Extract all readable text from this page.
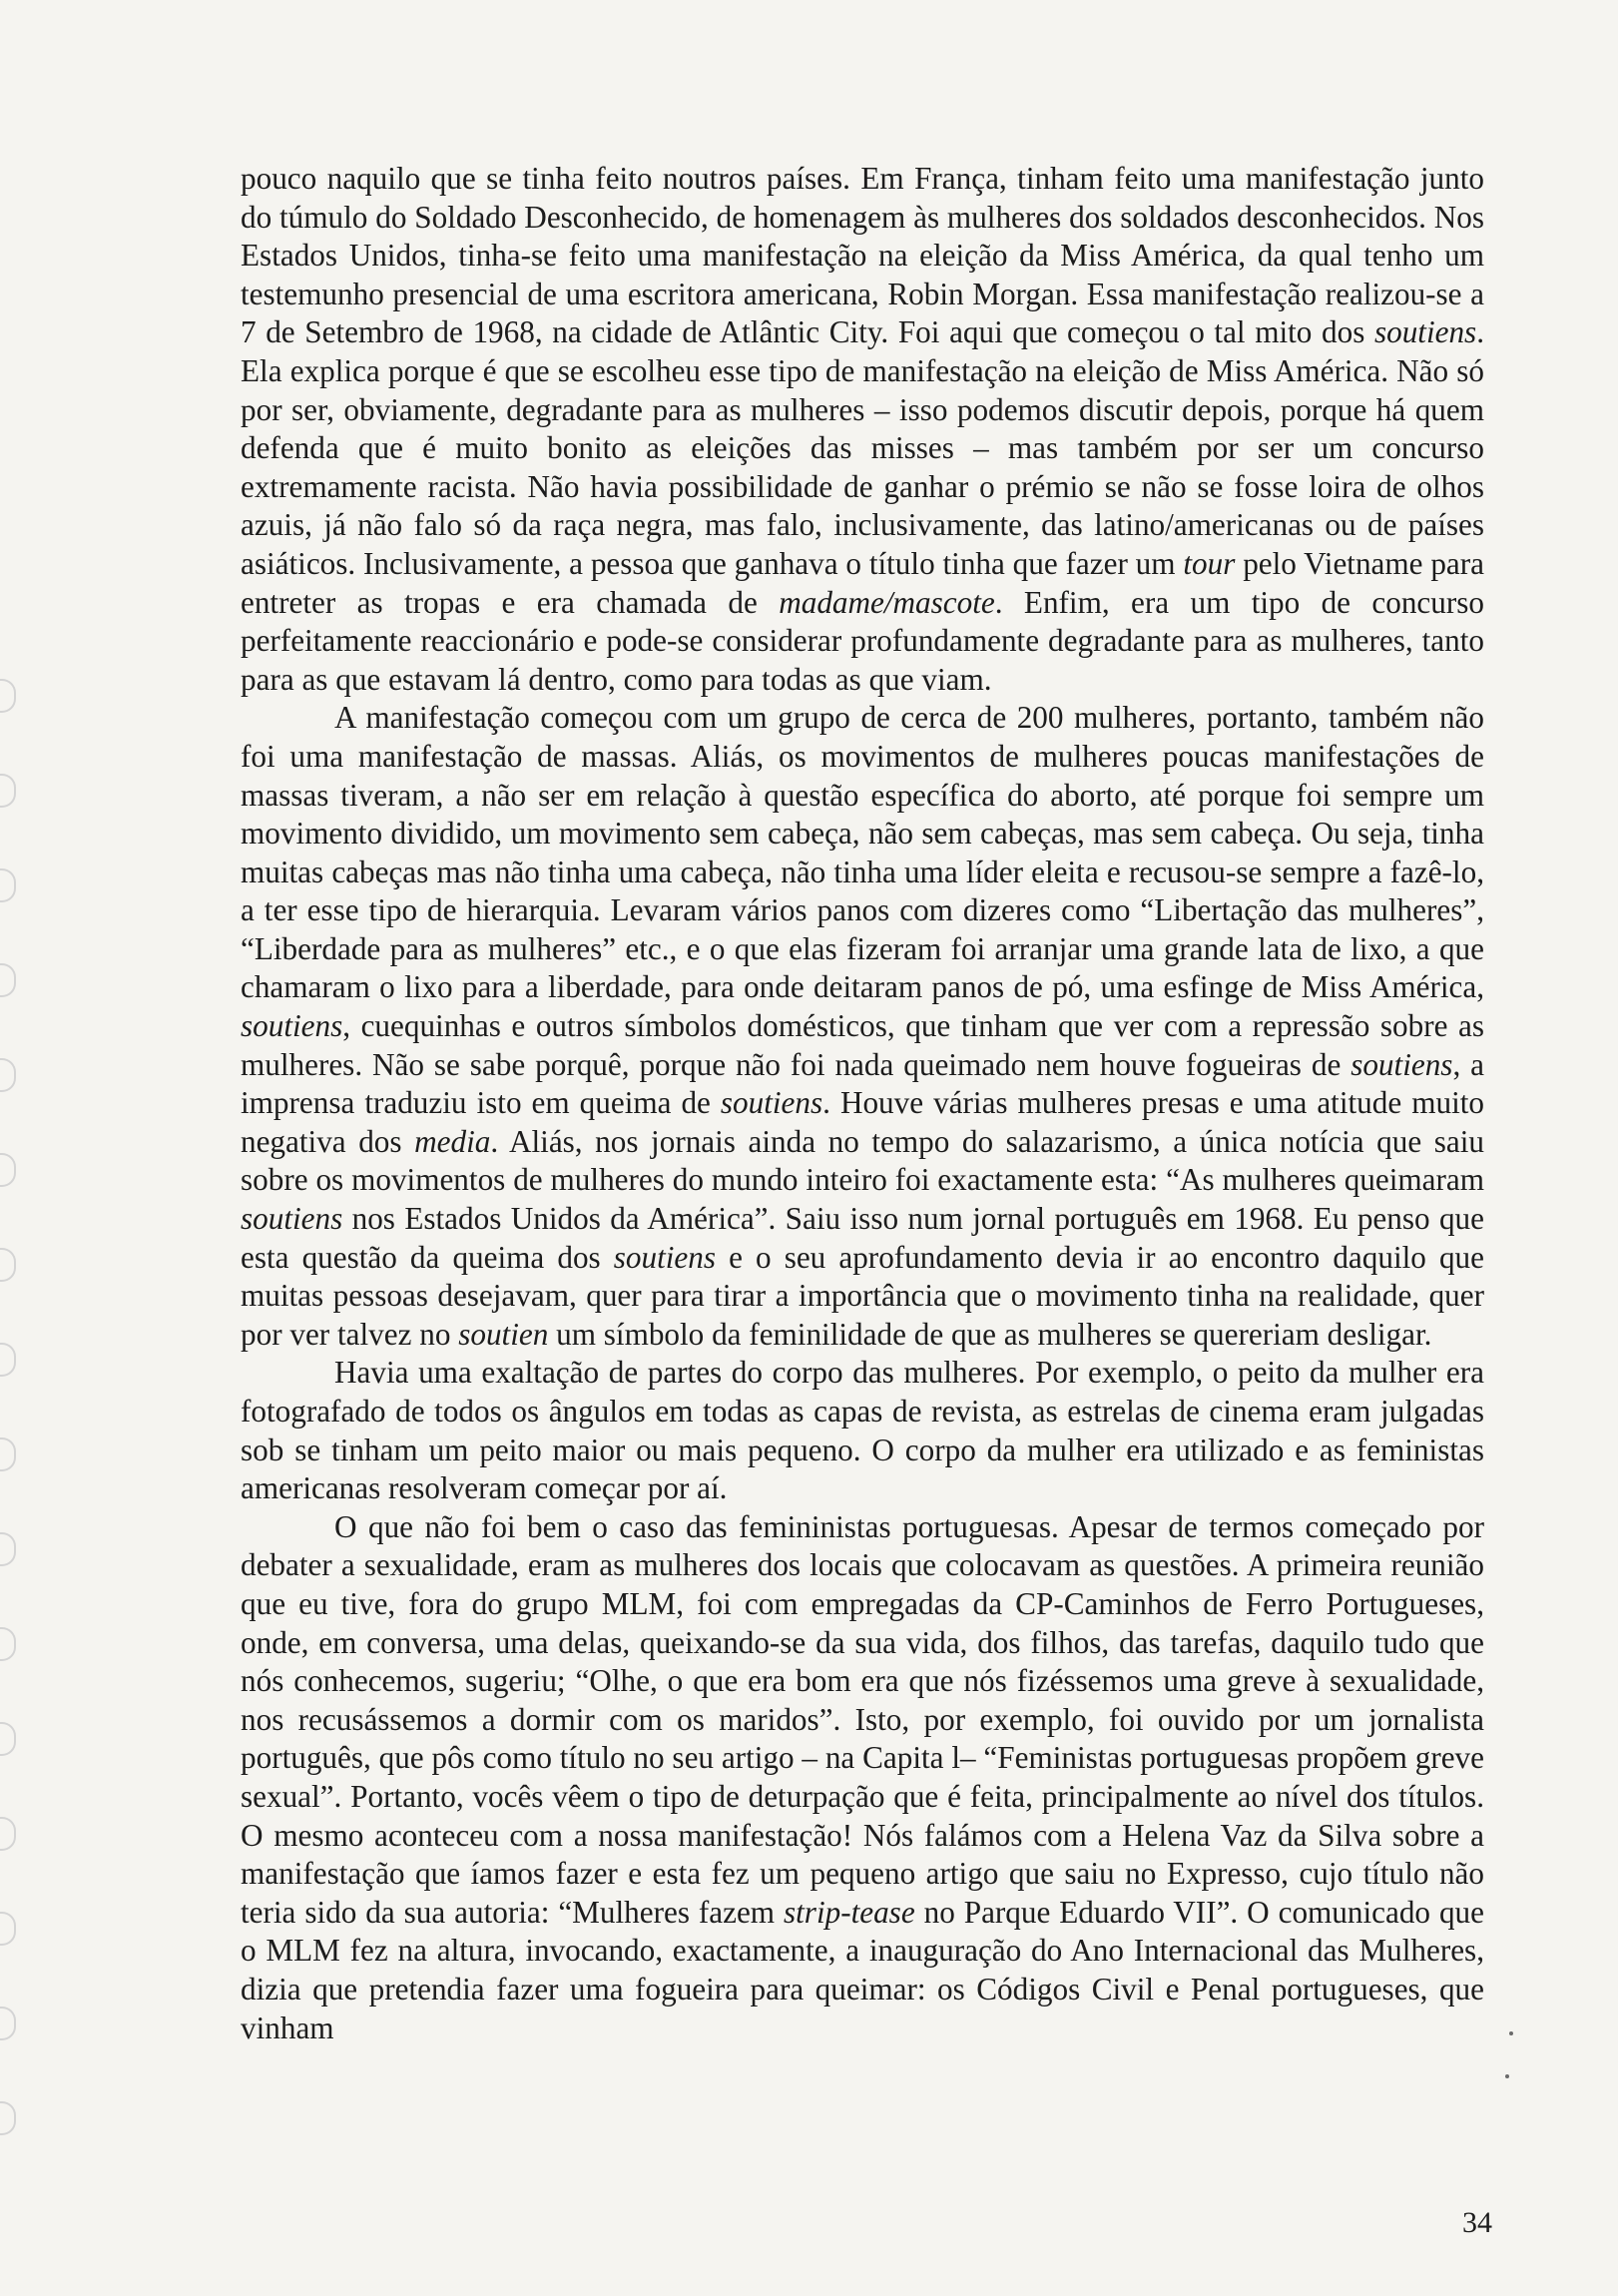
pouco naquilo que se tinha feito noutros países. Em França, tinham feito uma manifestação junto do túmulo do Soldado Desconhecido, de homenagem às mulheres dos soldados desconhecidos. Nos Estados Unidos, tinha-se feito uma manifestação na eleição da Miss América, da qual tenho um testemunho presencial de uma escritora americana, Robin Morgan. Essa manifestação realizou-se a 7 de Setembro de 1968, na cidade de Atlântic City. Foi aqui que começou o tal mito dos soutiens. Ela explica porque é que se escolheu esse tipo de manifestação na eleição de Miss América. Não só por ser, obviamente, degradante para as mulheres – isso podemos discutir depois, porque há quem defenda que é muito bonito as eleições das misses – mas também por ser um concurso extremamente racista. Não havia possibilidade de ganhar o prémio se não se fosse loira de olhos azuis, já não falo só da raça negra, mas falo, inclusivamente, das latino/americanas ou de países asiáticos. Inclusivamente, a pessoa que ganhava o título tinha que fazer um tour pelo Vietname para entreter as tropas e era chamada de madame/mascote. Enfim, era um tipo de concurso perfeitamente reaccionário e pode-se considerar profundamente degradante para as mulheres, tanto para as que estavam lá dentro, como para todas as que viam.

A manifestação começou com um grupo de cerca de 200 mulheres, portanto, também não foi uma manifestação de massas. Aliás, os movimentos de mulheres poucas manifestações de massas tiveram, a não ser em relação à questão específica do aborto, até porque foi sempre um movimento dividido, um movimento sem cabeça, não sem cabeças, mas sem cabeça. Ou seja, tinha muitas cabeças mas não tinha uma cabeça, não tinha uma líder eleita e recusou-se sempre a fazê-lo, a ter esse tipo de hierarquia. Levaram vários panos com dizeres como “Libertação das mulheres”, “Liberdade para as mulheres” etc., e o que elas fizeram foi arranjar uma grande lata de lixo, a que chamaram o lixo para a liberdade, para onde deitaram panos de pó, uma esfinge de Miss América, soutiens, cuequinhas e outros símbolos domésticos, que tinham que ver com a repressão sobre as mulheres. Não se sabe porquê, porque não foi nada queimado nem houve fogueiras de soutiens, a imprensa traduziu isto em queima de soutiens. Houve várias mulheres presas e uma atitude muito negativa dos media. Aliás, nos jornais ainda no tempo do salazarismo, a única notícia que saiu sobre os movimentos de mulheres do mundo inteiro foi exactamente esta: “As mulheres queimaram soutiens nos Estados Unidos da América”. Saiu isso num jornal português em 1968. Eu penso que esta questão da queima dos soutiens e o seu aprofundamento devia ir ao encontro daquilo que muitas pessoas desejavam, quer para tirar a importância que o movimento tinha na realidade, quer por ver talvez no soutien um símbolo da feminilidade de que as mulheres se quereriam desligar.

Havia uma exaltação de partes do corpo das mulheres. Por exemplo, o peito da mulher era fotografado de todos os ângulos em todas as capas de revista, as estrelas de cinema eram julgadas sob se tinham um peito maior ou mais pequeno. O corpo da mulher era utilizado e as feministas americanas resolveram começar por aí.

O que não foi bem o caso das femininistas portuguesas. Apesar de termos começado por debater a sexualidade, eram as mulheres dos locais que colocavam as questões. A primeira reunião que eu tive, fora do grupo MLM, foi com empregadas da CP-Caminhos de Ferro Portugueses, onde, em conversa, uma delas, queixando-se da sua vida, dos filhos, das tarefas, daquilo tudo que nós conhecemos, sugeriu; “Olhe, o que era bom era que nós fizéssemos uma greve à sexualidade, nos recusássemos a dormir com os maridos”. Isto, por exemplo, foi ouvido por um jornalista português, que pôs como título no seu artigo – na Capita l– “Feministas portuguesas propõem greve sexual”. Portanto, vocês vêem o tipo de deturpação que é feita, principalmente ao nível dos títulos. O mesmo aconteceu com a nossa manifestação! Nós falámos com a Helena Vaz da Silva sobre a manifestação que íamos fazer e esta fez um pequeno artigo que saiu no Expresso, cujo título não teria sido da sua autoria: “Mulheres fazem strip-tease no Parque Eduardo VII”. O comunicado que o MLM fez na altura, invocando, exactamente, a inauguração do Ano Internacional das Mulheres, dizia que pretendia fazer uma fogueira para queimar: os Códigos Civil e Penal portugueses, que vinham

34
